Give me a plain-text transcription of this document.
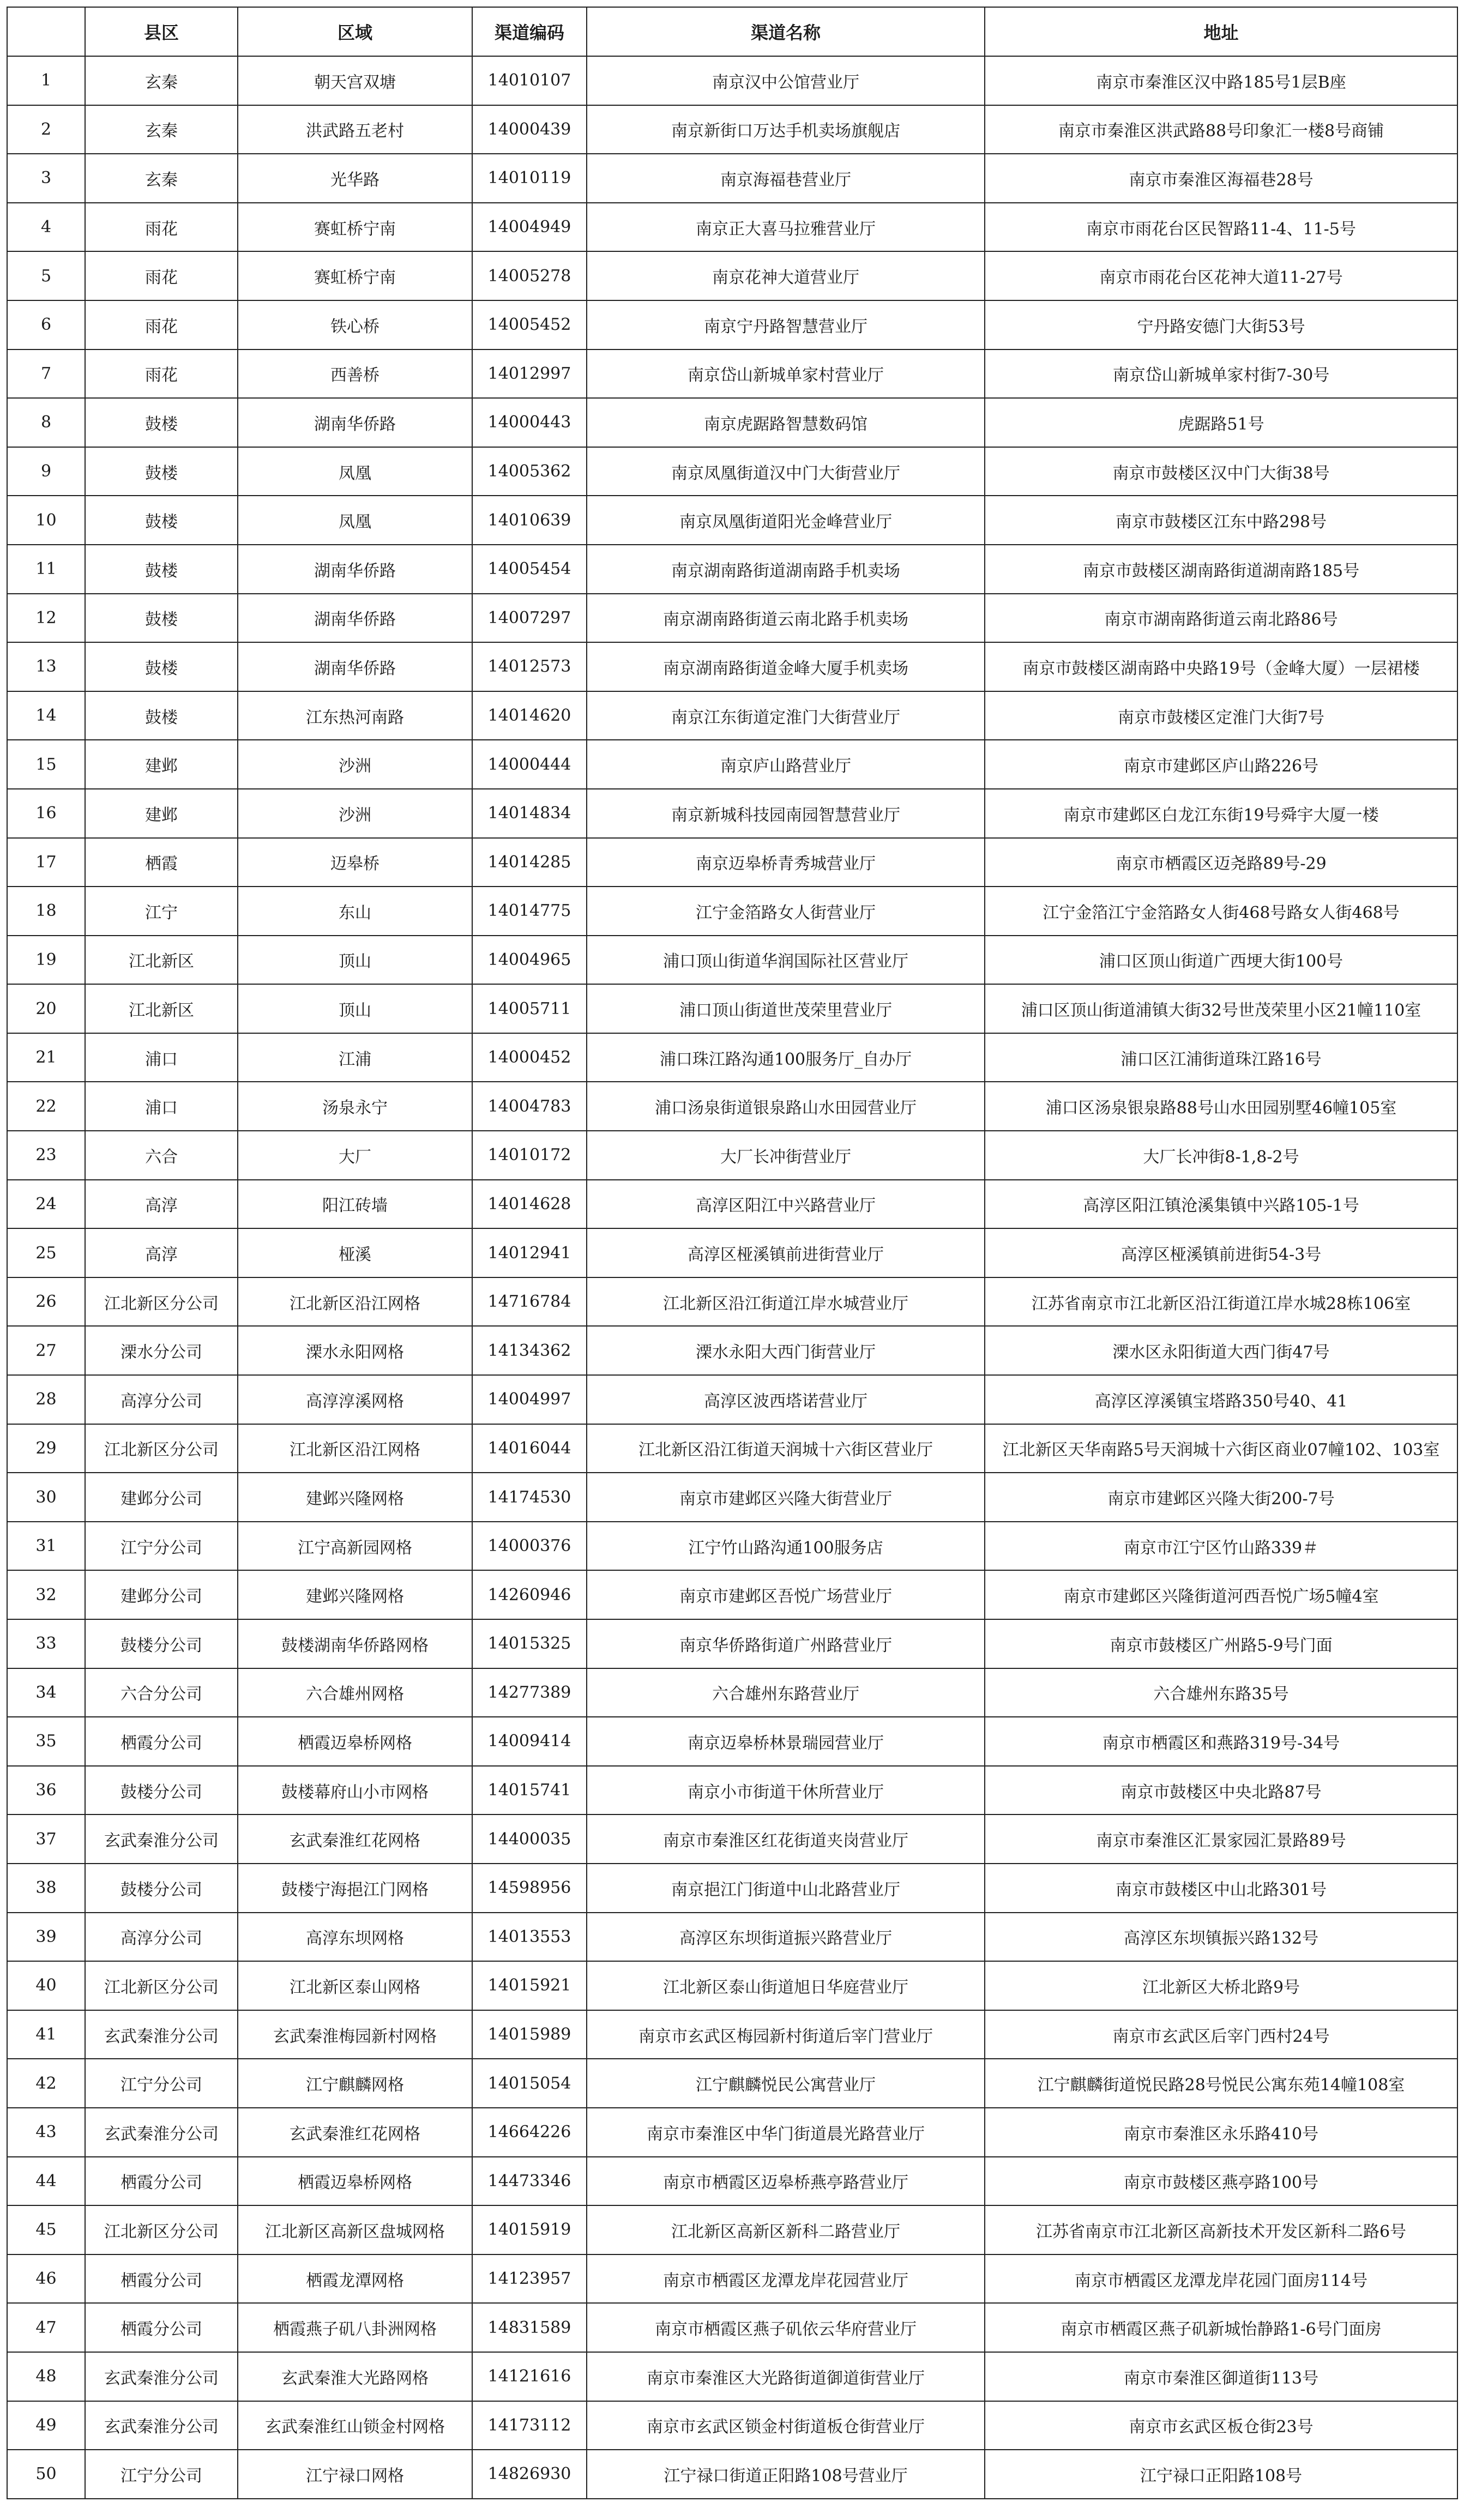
	县区	区域	渠道编码	渠道名称	地址
1	玄秦	朝天宫双塘	14010107	南京汉中公馆营业厅	南京市秦淮区汉中路185号1层B座
2	玄秦	洪武路五老村	14000439	南京新街口万达手机卖场旗舰店	南京市秦淮区洪武路88号印象汇一楼8号商铺
3	玄秦	光华路	14010119	南京海福巷营业厅	南京市秦淮区海福巷28号
4	雨花	赛虹桥宁南	14004949	南京正大喜马拉雅营业厅	南京市雨花台区民智路11-4、11-5号
5	雨花	赛虹桥宁南	14005278	南京花神大道营业厅	南京市雨花台区花神大道11-27号
6	雨花	铁心桥	14005452	南京宁丹路智慧营业厅	宁丹路安德门大街53号
7	雨花	西善桥	14012997	南京岱山新城单家村营业厅	南京岱山新城单家村街7-30号
8	鼓楼	湖南华侨路	14000443	南京虎踞路智慧数码馆	虎踞路51号
9	鼓楼	凤凰	14005362	南京凤凰街道汉中门大街营业厅	南京市鼓楼区汉中门大街38号
10	鼓楼	凤凰	14010639	南京凤凰街道阳光金峰营业厅	南京市鼓楼区江东中路298号
11	鼓楼	湖南华侨路	14005454	南京湖南路街道湖南路手机卖场	南京市鼓楼区湖南路街道湖南路185号
12	鼓楼	湖南华侨路	14007297	南京湖南路街道云南北路手机卖场	南京市湖南路街道云南北路86号
13	鼓楼	湖南华侨路	14012573	南京湖南路街道金峰大厦手机卖场	南京市鼓楼区湖南路中央路19号（金峰大厦）一层裙楼
14	鼓楼	江东热河南路	14014620	南京江东街道定淮门大街营业厅	南京市鼓楼区定淮门大街7号
15	建邺	沙洲	14000444	南京庐山路营业厅	南京市建邺区庐山路226号
16	建邺	沙洲	14014834	南京新城科技园南园智慧营业厅	南京市建邺区白龙江东街19号舜宇大厦一楼
17	栖霞	迈皋桥	14014285	南京迈皋桥青秀城营业厅	南京市栖霞区迈尧路89号-29
18	江宁	东山	14014775	江宁金箔路女人街营业厅	江宁金箔江宁金箔路女人街468号路女人街468号
19	江北新区	顶山	14004965	浦口顶山街道华润国际社区营业厅	浦口区顶山街道广西埂大街100号
20	江北新区	顶山	14005711	浦口顶山街道世茂荣里营业厅	浦口区顶山街道浦镇大街32号世茂荣里小区21幢110室
21	浦口	江浦	14000452	浦口珠江路沟通100服务厅_自办厅	浦口区江浦街道珠江路16号
22	浦口	汤泉永宁	14004783	浦口汤泉街道银泉路山水田园营业厅	浦口区汤泉银泉路88号山水田园别墅46幢105室
23	六合	大厂	14010172	大厂长冲街营业厅	大厂长冲街8-1,8-2号
24	高淳	阳江砖墙	14014628	高淳区阳江中兴路营业厅	高淳区阳江镇沧溪集镇中兴路105-1号
25	高淳	桠溪	14012941	高淳区桠溪镇前进街营业厅	高淳区桠溪镇前进街54-3号
26	江北新区分公司	江北新区沿江网格	14716784	江北新区沿江街道江岸水城营业厅	江苏省南京市江北新区沿江街道江岸水城28栋106室
27	溧水分公司	溧水永阳网格	14134362	溧水永阳大西门街营业厅	溧水区永阳街道大西门街47号
28	高淳分公司	高淳淳溪网格	14004997	高淳区波西塔诺营业厅	高淳区淳溪镇宝塔路350号40、41
29	江北新区分公司	江北新区沿江网格	14016044	江北新区沿江街道天润城十六街区营业厅	江北新区天华南路5号天润城十六街区商业07幢102、103室
30	建邺分公司	建邺兴隆网格	14174530	南京市建邺区兴隆大街营业厅	南京市建邺区兴隆大街200-7号
31	江宁分公司	江宁高新园网格	14000376	江宁竹山路沟通100服务店	南京市江宁区竹山路339＃
32	建邺分公司	建邺兴隆网格	14260946	南京市建邺区吾悦广场营业厅	南京市建邺区兴隆街道河西吾悦广场5幢4室
33	鼓楼分公司	鼓楼湖南华侨路网格	14015325	南京华侨路街道广州路营业厅	南京市鼓楼区广州路5-9号门面
34	六合分公司	六合雄州网格	14277389	六合雄州东路营业厅	六合雄州东路35号
35	栖霞分公司	栖霞迈皋桥网格	14009414	南京迈皋桥林景瑞园营业厅	南京市栖霞区和燕路319号-34号
36	鼓楼分公司	鼓楼幕府山小市网格	14015741	南京小市街道干休所营业厅	南京市鼓楼区中央北路87号
37	玄武秦淮分公司	玄武秦淮红花网格	14400035	南京市秦淮区红花街道夹岗营业厅	南京市秦淮区汇景家园汇景路89号
38	鼓楼分公司	鼓楼宁海挹江门网格	14598956	南京挹江门街道中山北路营业厅	南京市鼓楼区中山北路301号
39	高淳分公司	高淳东坝网格	14013553	高淳区东坝街道振兴路营业厅	高淳区东坝镇振兴路132号
40	江北新区分公司	江北新区泰山网格	14015921	江北新区泰山街道旭日华庭营业厅	江北新区大桥北路9号
41	玄武秦淮分公司	玄武秦淮梅园新村网格	14015989	南京市玄武区梅园新村街道后宰门营业厅	南京市玄武区后宰门西村24号
42	江宁分公司	江宁麒麟网格	14015054	江宁麒麟悦民公寓营业厅	江宁麒麟街道悦民路28号悦民公寓东苑14幢108室
43	玄武秦淮分公司	玄武秦淮红花网格	14664226	南京市秦淮区中华门街道晨光路营业厅	南京市秦淮区永乐路410号
44	栖霞分公司	栖霞迈皋桥网格	14473346	南京市栖霞区迈皋桥燕亭路营业厅	南京市鼓楼区燕亭路100号
45	江北新区分公司	江北新区高新区盘城网格	14015919	江北新区高新区新科二路营业厅	江苏省南京市江北新区高新技术开发区新科二路6号
46	栖霞分公司	栖霞龙潭网格	14123957	南京市栖霞区龙潭龙岸花园营业厅	南京市栖霞区龙潭龙岸花园门面房114号
47	栖霞分公司	栖霞燕子矶八卦洲网格	14831589	南京市栖霞区燕子矶依云华府营业厅	南京市栖霞区燕子矶新城怡静路1-6号门面房
48	玄武秦淮分公司	玄武秦淮大光路网格	14121616	南京市秦淮区大光路街道御道街营业厅	南京市秦淮区御道街113号
49	玄武秦淮分公司	玄武秦淮红山锁金村网格	14173112	南京市玄武区锁金村街道板仓街营业厅	南京市玄武区板仓街23号
50	江宁分公司	江宁禄口网格	14826930	江宁禄口街道正阳路108号营业厅	江宁禄口正阳路108号
